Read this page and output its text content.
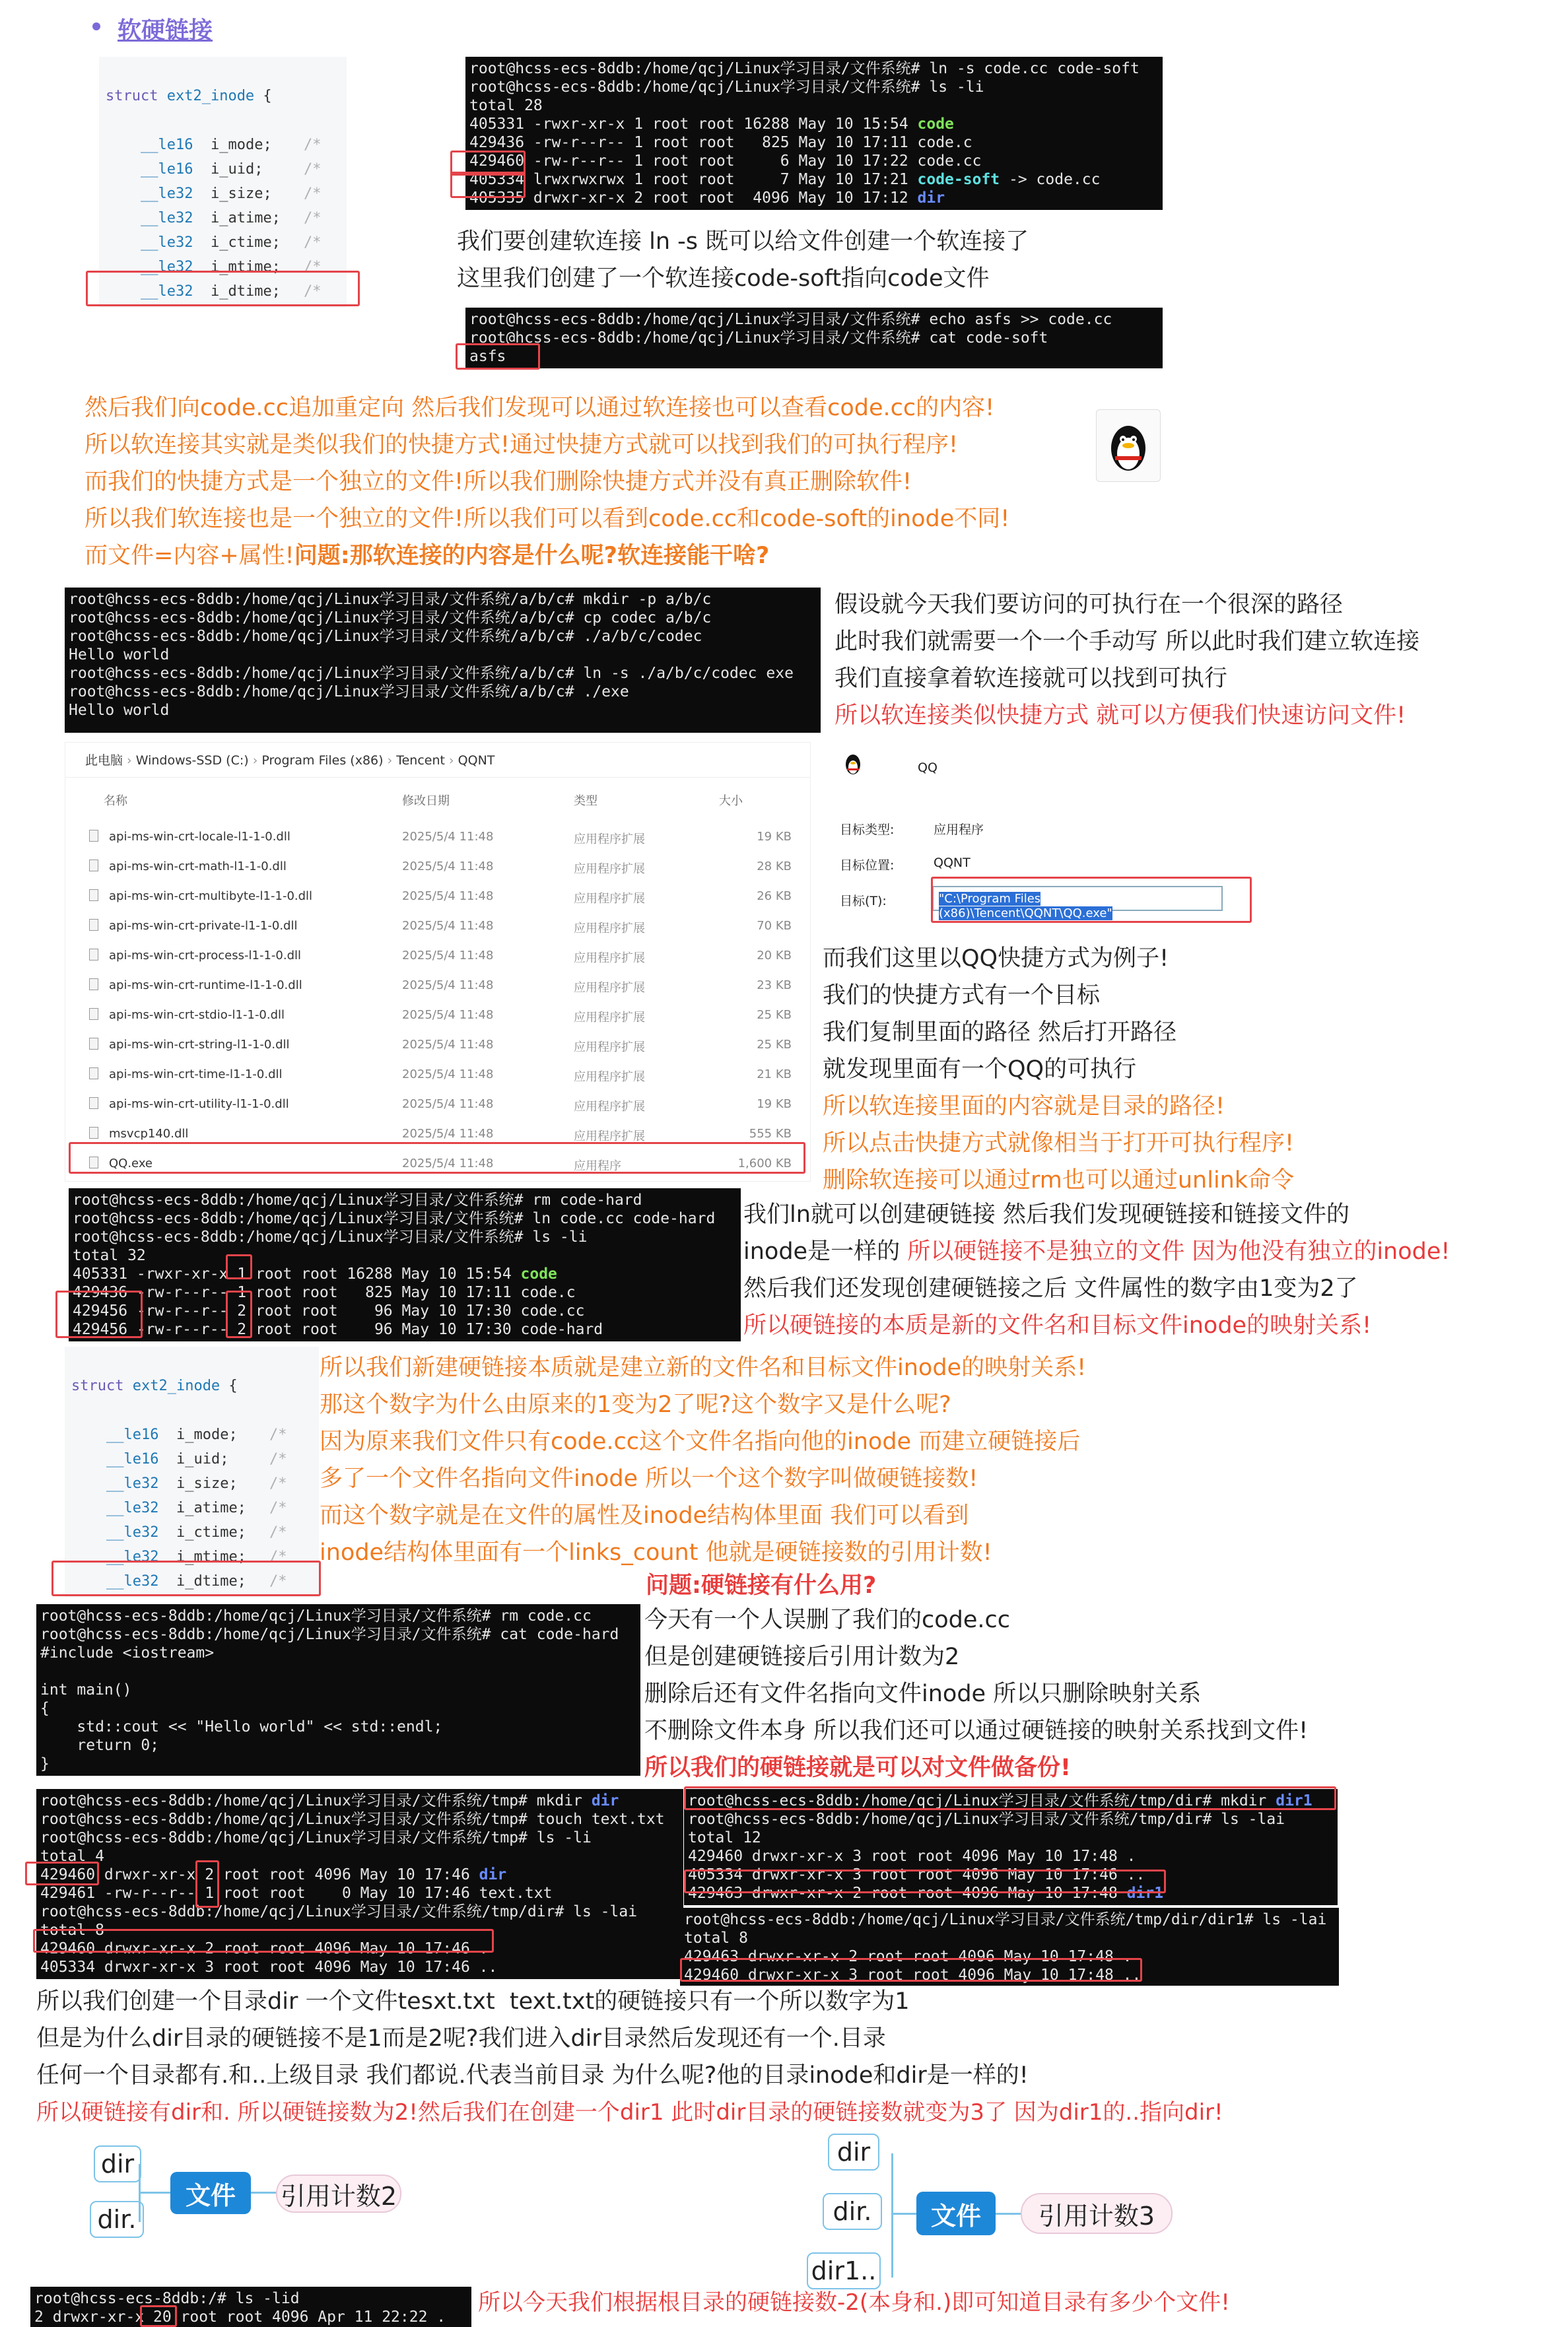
软硬链接

struct ext2_inode {

__le16 i_mode; /*
__le16 i_uid;	/*
__le32 i_size; /*
__le32 i_atime; /*
__le32 i_ctime; /*
__le32 i_mtime; /*
__le32 i_dtime; /*

root@hcss-ecs-8ddb:/home/qcj/Linux学习目录/文件系统# ln -s code.cc code-soft
root@hcss-ecs-8ddb:/home/qcj/Linux学习目录/文件系统# ls -li
total 28
405331 -rwxr-xr-x 1 root root 16288 May 10 15:54 code
429436 -rw-r--r-- 1 root root   825 May 10 17:11 code.c
429460 -rw-r--r-- 1 root root     6 May 10 17:22 code.cc
405334 lrwxrwxrwx 1 root root     7 May 10 17:21 code-soft -> code.cc
405335 drwxr-xr-x 2 root root  4096 May 10 17:12 dir
我们要创建软连接 ln -s 既可以给文件创建一个软连接了
这里我们创建了一个软连接code-soft指向code文件
root@hcss-ecs-8ddb:/home/qcj/Linux学习目录/文件系统# echo asfs >> code.cc
root@hcss-ecs-8ddb:/home/qcj/Linux学习目录/文件系统# cat code-soft
asfs
然后我们向code.cc追加重定向 然后我们发现可以通过软连接也可以查看code.cc的内容!
所以软连接其实就是类似我们的快捷方式!通过快捷方式就可以找到我们的可执行程序!
而我们的快捷方式是一个独立的文件!所以我们删除快捷方式并没有真正删除软件!
所以我们软连接也是一个独立的文件!所以我们可以看到code.cc和code-soft的inode不同!
而文件=内容+属性!问题:那软连接的内容是什么呢?软连接能干啥?
root@hcss-ecs-8ddb:/home/qcj/Linux学习目录/文件系统/a/b/c# mkdir -p a/b/c
root@hcss-ecs-8ddb:/home/qcj/Linux学习目录/文件系统/a/b/c# cp codec a/b/c
root@hcss-ecs-8ddb:/home/qcj/Linux学习目录/文件系统/a/b/c# ./a/b/c/codec
Hello world
root@hcss-ecs-8ddb:/home/qcj/Linux学习目录/文件系统/a/b/c# ln -s ./a/b/c/codec exe
root@hcss-ecs-8ddb:/home/qcj/Linux学习目录/文件系统/a/b/c# ./exe
Hello world
假设就今天我们要访问的可执行在一个很深的路径
此时我们就需要一个一个手动写 所以此时我们建立软连接
我们直接拿着软连接就可以找到可执行
所以软连接类似快捷方式 就可以方便我们快速访问文件!
此电脑 › Windows-SSD (C:) › Program Files (x86) › Tencent › QQNT
名称	修改日期	类型	大小
api-ms-win-crt-locale-l1-1-0.dll	2025/5/4 11:48	应用程序扩展	19 KB
api-ms-win-crt-math-l1-1-0.dll	2025/5/4 11:48	应用程序扩展	28 KB
api-ms-win-crt-multibyte-l1-1-0.dll	2025/5/4 11:48	应用程序扩展	26 KB
api-ms-win-crt-private-l1-1-0.dll	2025/5/4 11:48	应用程序扩展	70 KB
api-ms-win-crt-process-l1-1-0.dll	2025/5/4 11:48	应用程序扩展	20 KB
api-ms-win-crt-runtime-l1-1-0.dll	2025/5/4 11:48	应用程序扩展	23 KB
api-ms-win-crt-stdio-l1-1-0.dll	2025/5/4 11:48	应用程序扩展	25 KB
api-ms-win-crt-string-l1-1-0.dll	2025/5/4 11:48	应用程序扩展	25 KB
api-ms-win-crt-time-l1-1-0.dll	2025/5/4 11:48	应用程序扩展	21 KB
api-ms-win-crt-utility-l1-1-0.dll	2025/5/4 11:48	应用程序扩展	19 KB
msvcp140.dll	2025/5/4 11:48	应用程序扩展	555 KB
QQ.exe	2025/5/4 11:48	应用程序	1,600 KB
QQ
目标类型:	应用程序
目标位置:	QQNT
目标(T):	"C:\Program Files (x86)\Tencent\QQNT\QQ.exe"
而我们这里以QQ快捷方式为例子!
我们的快捷方式有一个目标
我们复制里面的路径 然后打开路径
就发现里面有一个QQ的可执行
所以软连接里面的内容就是目录的路径!
所以点击快捷方式就像相当于打开可执行程序!
删除软连接可以通过rm也可以通过unlink命令
root@hcss-ecs-8ddb:/home/qcj/Linux学习目录/文件系统# rm code-hard
root@hcss-ecs-8ddb:/home/qcj/Linux学习目录/文件系统# ln code.cc code-hard
root@hcss-ecs-8ddb:/home/qcj/Linux学习目录/文件系统# ls -li
total 32
405331 -rwxr-xr-x 1 root root 16288 May 10 15:54 code
429436 -rw-r--r-- 1 root root   825 May 10 17:11 code.c
429456 -rw-r--r-- 2 root root    96 May 10 17:30 code.cc
429456 -rw-r--r-- 2 root root    96 May 10 17:30 code-hard
我们ln就可以创建硬链接 然后我们发现硬链接和链接文件的
inode是一样的 所以硬链接不是独立的文件 因为他没有独立的inode!
然后我们还发现创建硬链接之后 文件属性的数字由1变为2了
所以硬链接的本质是新的文件名和目标文件inode的映射关系!

struct ext2_inode {

__le16 i_mode; /*
__le16 i_uid;	/*
__le32 i_size; /*
__le32 i_atime; /*
__le32 i_ctime; /*
__le32 i_mtime; /*
__le32 i_dtime; /*

所以我们新建硬链接本质就是建立新的文件名和目标文件inode的映射关系!
那这个数字为什么由原来的1变为2了呢?这个数字又是什么呢?
因为原来我们文件只有code.cc这个文件名指向他的inode 而建立硬链接后
多了一个文件名指向文件inode 所以一个这个数字叫做硬链接数!
而这个数字就是在文件的属性及inode结构体里面 我们可以看到
inode结构体里面有一个links_count 他就是硬链接数的引用计数!
问题:硬链接有什么用?
root@hcss-ecs-8ddb:/home/qcj/Linux学习目录/文件系统# rm code.cc
root@hcss-ecs-8ddb:/home/qcj/Linux学习目录/文件系统# cat code-hard
#include <iostream>
int main()
{
std::cout << "Hello world" << std::endl;
return 0;
}
今天有一个人误删了我们的code.cc
但是创建硬链接后引用计数为2
删除后还有文件名指向文件inode 所以只删除映射关系
不删除文件本身 所以我们还可以通过硬链接的映射关系找到文件!
所以我们的硬链接就是可以对文件做备份!
root@hcss-ecs-8ddb:/home/qcj/Linux学习目录/文件系统/tmp# mkdir dir
root@hcss-ecs-8ddb:/home/qcj/Linux学习目录/文件系统/tmp# touch text.txt
root@hcss-ecs-8ddb:/home/qcj/Linux学习目录/文件系统/tmp# ls -li
total 4
429460 drwxr-xr-x 2 root root 4096 May 10 17:46 dir
429461 -rw-r--r-- 1 root root    0 May 10 17:46 text.txt
root@hcss-ecs-8ddb:/home/qcj/Linux学习目录/文件系统/tmp/dir# ls -lai
total 8
429460 drwxr-xr-x 2 root root 4096 May 10 17:46 .
405334 drwxr-xr-x 3 root root 4096 May 10 17:46 ..
root@hcss-ecs-8ddb:/home/qcj/Linux学习目录/文件系统/tmp/dir# mkdir dir1
root@hcss-ecs-8ddb:/home/qcj/Linux学习目录/文件系统/tmp/dir# ls -lai
total 12
429460 drwxr-xr-x 3 root root 4096 May 10 17:48 .
405334 drwxr-xr-x 3 root root 4096 May 10 17:46 ..
429463 drwxr-xr-x 2 root root 4096 May 10 17:48 dir1
root@hcss-ecs-8ddb:/home/qcj/Linux学习目录/文件系统/tmp/dir/dir1# ls -lai
total 8
429463 drwxr-xr-x 2 root root 4096 May 10 17:48 .
429460 drwxr-xr-x 3 root root 4096 May 10 17:48 ..
所以我们创建一个目录dir 一个文件tesxt.txt  text.txt的硬链接只有一个所以数字为1
但是为什么dir目录的硬链接不是1而是2呢?我们进入dir目录然后发现还有一个.目录
任何一个目录都有.和..上级目录 我们都说.代表当前目录 为什么呢?他的目录inode和dir是一样的!
所以硬链接有dir和. 所以硬链接数为2!然后我们在创建一个dir1 此时dir目录的硬链接数就变为3了 因为dir1的..指向dir!
dir
dir.
文件	引用计数2
dir
dir.
dir1..
文件	引用计数3
root@hcss-ecs-8ddb:/# ls -lid
2 drwxr-xr-x 20 root root 4096 Apr 11 22:22 .
所以今天我们根据根目录的硬链接数-2(本身和.)即可知道目录有多少个文件!
